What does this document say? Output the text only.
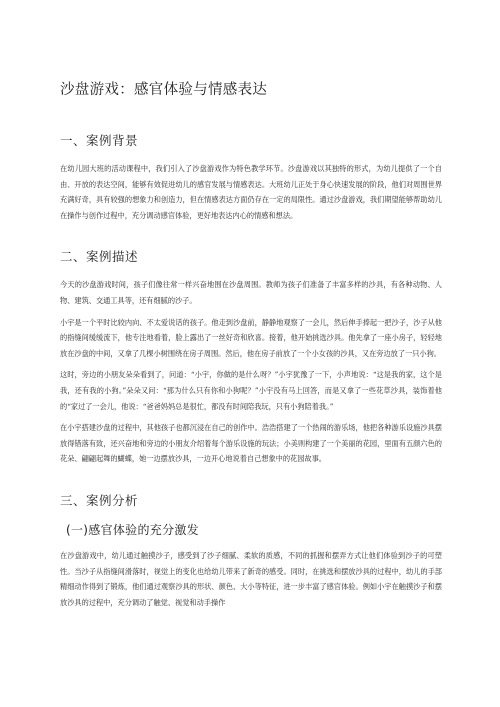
沙盘游戏：感官体验与情感表达
一、案例背景

在幼儿园大班的活动课程中，我们引入了沙盘游戏作为特色教学环节。沙盘游戏以其独特的形式，为幼儿提供了一个自由、开放的表达空间，能够有效促进幼儿的感官发展与情感表达。大班幼儿正处于身心快速发展的阶段，他们对周围世界充满好奇，具有较强的想象力和创造力，但在情感表达方面仍存在一定的局限性。通过沙盘游戏，我们期望能够帮助幼儿在操作与创作过程中，充分调动感官体验，更好地表达内心的情感和想法。

二、案例描述

今天的沙盘游戏时间，孩子们像往常一样兴奋地围在沙盘周围。教师为孩子们准备了丰富多样的沙具，有各种动物、人物、建筑、交通工具等，还有细腻的沙子。

小宇是一个平时比较内向、不太爱说话的孩子。他走到沙盘前，静静地观察了一会儿，然后伸手捧起一把沙子，沙子从他的指缝间缓缓流下，他专注地看着，脸上露出了一丝好奇和欣喜。接着，他开始挑选沙具。他先拿了一座小房子，轻轻地放在沙盘的中间，又拿了几棵小树围绕在房子周围。然后，他在房子前放了一个小女孩的沙具，又在旁边放了一只小狗。

这时，旁边的小朋友朵朵看到了，问道：“小宇，你做的是什么呀？”小宇犹豫了一下，小声地说：“这是我的家，这个是我，还有我的小狗。”朵朵又问：“那为什么只有你和小狗呢？”小宇没有马上回答，而是又拿了一些花草沙具，装饰着他的“家过了一会儿，他说：“爸爸妈妈总是很忙，都没有时间陪我玩，只有小狗陪着我。”

在小宇搭建沙盘的过程中，其他孩子也都沉浸在自己的创作中。浩浩搭建了一个热闹的游乐场，他把各种游乐设施沙具摆放得错落有致，还兴奋地和旁边的小朋友介绍着每个游乐设施的玩法；小美则构建了一个美丽的花园，里面有五颜六色的花朵、翩翩起舞的蝴蝶，她一边摆放沙具，一边开心地说着自己想象中的花园故事。

三、案例分析
(一)感官体验的充分激发

在沙盘游戏中，幼儿通过触摸沙子，感受到了沙子细腻、柔软的质感，不同的抓握和摆弄方式让他们体验到沙子的可塑性。当沙子从指缝间滑落时，视觉上的变化也给幼儿带来了新奇的感受。同时，在挑选和摆放沙具的过程中，幼儿的手部精细动作得到了锻炼，他们通过观察沙具的形状、颜色、大小等特征，进一步丰富了感官体验。例如小宇在触摸沙子和摆放沙具的过程中，充分调动了触觉、视觉和动手操作
